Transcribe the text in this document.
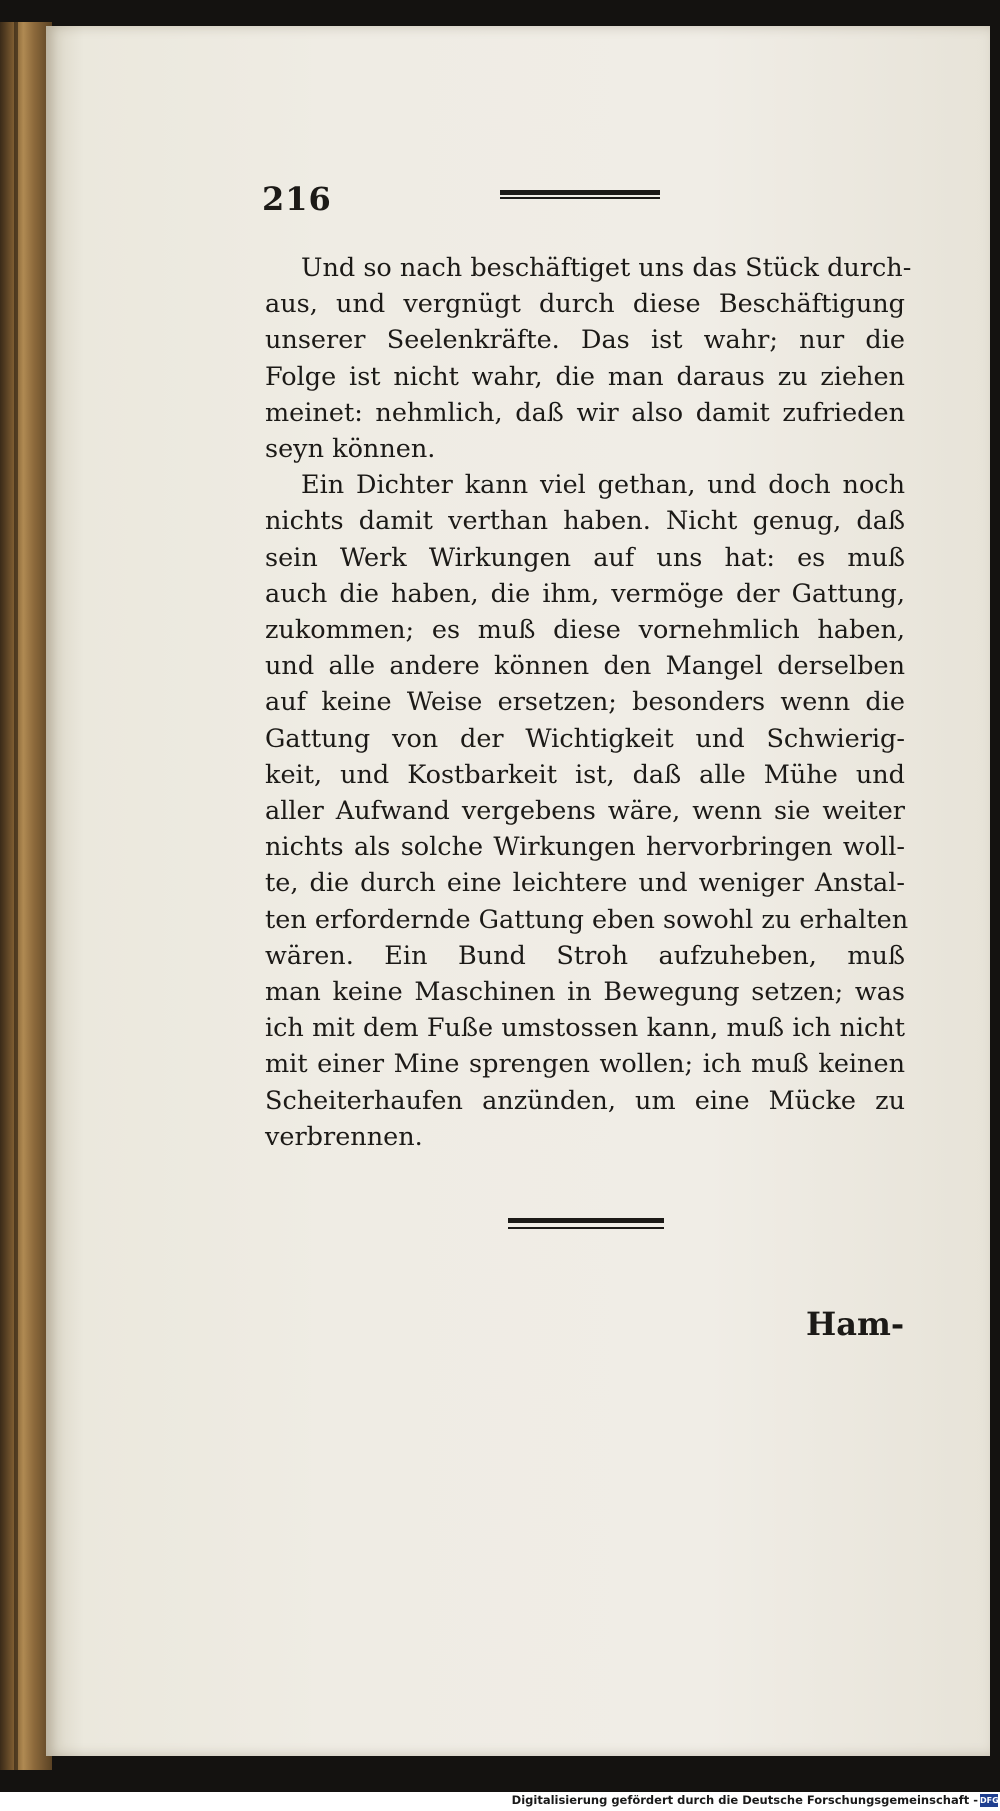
216
Und so nach beschäftiget uns das Stück durch-
aus, und vergnügt durch diese Beschäftigung
unserer Seelenkräfte. Das ist wahr; nur die
Folge ist nicht wahr, die man daraus zu ziehen
meinet: nehmlich, daß wir also damit zufrieden
seyn können.
Ein Dichter kann viel gethan, und doch noch
nichts damit verthan haben. Nicht genug, daß
sein Werk Wirkungen auf uns hat: es muß
auch die haben, die ihm, vermöge der Gattung,
zukommen; es muß diese vornehmlich haben,
und alle andere können den Mangel derselben
auf keine Weise ersetzen; besonders wenn die
Gattung von der Wichtigkeit und Schwierig-
keit, und Kostbarkeit ist, daß alle Mühe und
aller Aufwand vergebens wäre, wenn sie weiter
nichts als solche Wirkungen hervorbringen woll-
te, die durch eine leichtere und weniger Anstal-
ten erfordernde Gattung eben sowohl zu erhalten
wären. Ein Bund Stroh aufzuheben, muß
man keine Maschinen in Bewegung setzen; was
ich mit dem Fuße umstossen kann, muß ich nicht
mit einer Mine sprengen wollen; ich muß keinen
Scheiterhaufen anzünden, um eine Mücke zu
verbrennen.
Ham-
Digitalisierung gefördert durch die Deutsche Forschungsgemeinschaft - DFG
